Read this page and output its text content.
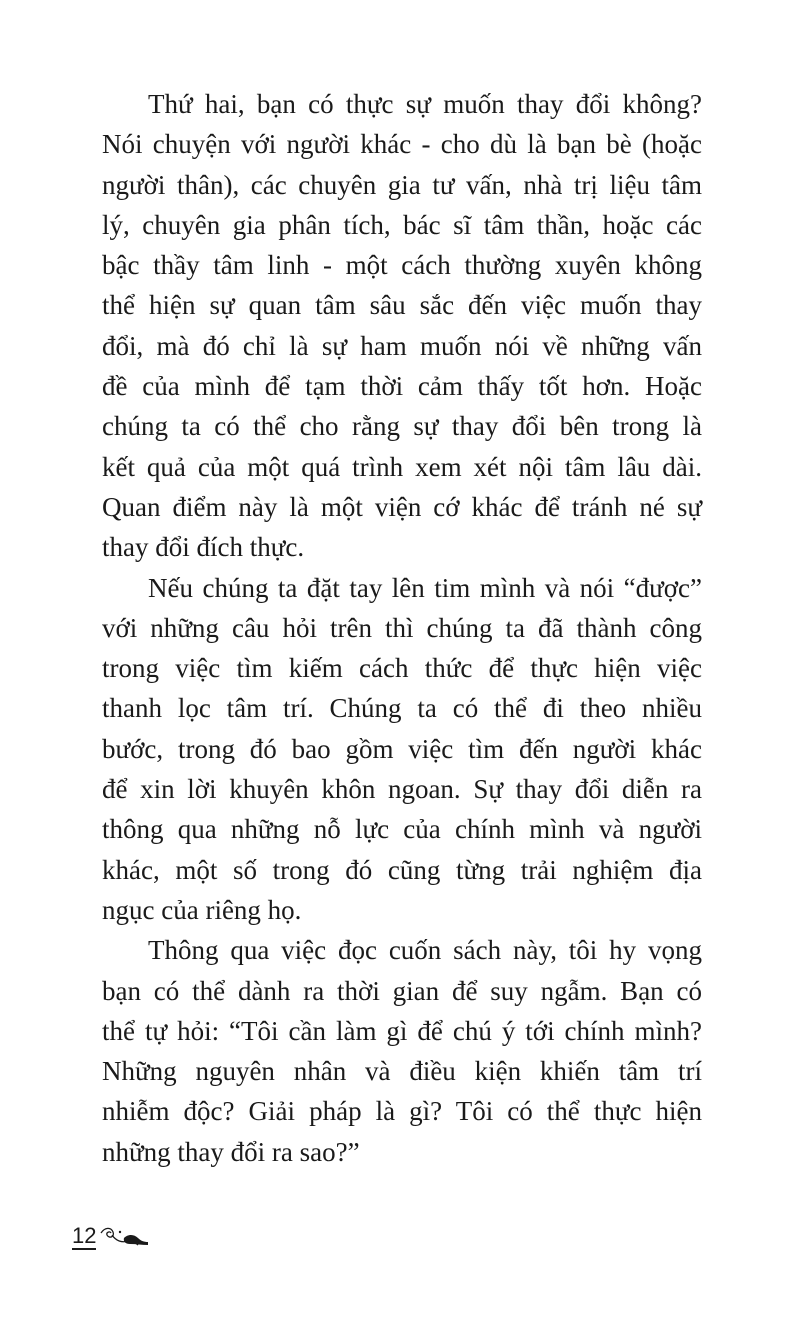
Thứ hai, bạn có thực sự muốn thay đổi không?
Nói chuyện với người khác - cho dù là bạn bè (hoặc
người thân), các chuyên gia tư vấn, nhà trị liệu tâm
lý, chuyên gia phân tích, bác sĩ tâm thần, hoặc các
bậc thầy tâm linh - một cách thường xuyên không
thể hiện sự quan tâm sâu sắc đến việc muốn thay
đổi, mà đó chỉ là sự ham muốn nói về những vấn
đề của mình để tạm thời cảm thấy tốt hơn. Hoặc
chúng ta có thể cho rằng sự thay đổi bên trong là
kết quả của một quá trình xem xét nội tâm lâu dài.
Quan điểm này là một viện cớ khác để tránh né sự
thay đổi đích thực.
Nếu chúng ta đặt tay lên tim mình và nói “được”
với những câu hỏi trên thì chúng ta đã thành công
trong việc tìm kiếm cách thức để thực hiện việc
thanh lọc tâm trí. Chúng ta có thể đi theo nhiều
bước, trong đó bao gồm việc tìm đến người khác
để xin lời khuyên khôn ngoan. Sự thay đổi diễn ra
thông qua những nỗ lực của chính mình và người
khác, một số trong đó cũng từng trải nghiệm địa
ngục của riêng họ.
Thông qua việc đọc cuốn sách này, tôi hy vọng
bạn có thể dành ra thời gian để suy ngẫm. Bạn có
thể tự hỏi: “Tôi cần làm gì để chú ý tới chính mình?
Những nguyên nhân và điều kiện khiến tâm trí
nhiễm độc? Giải pháp là gì? Tôi có thể thực hiện
những thay đổi ra sao?”
12
